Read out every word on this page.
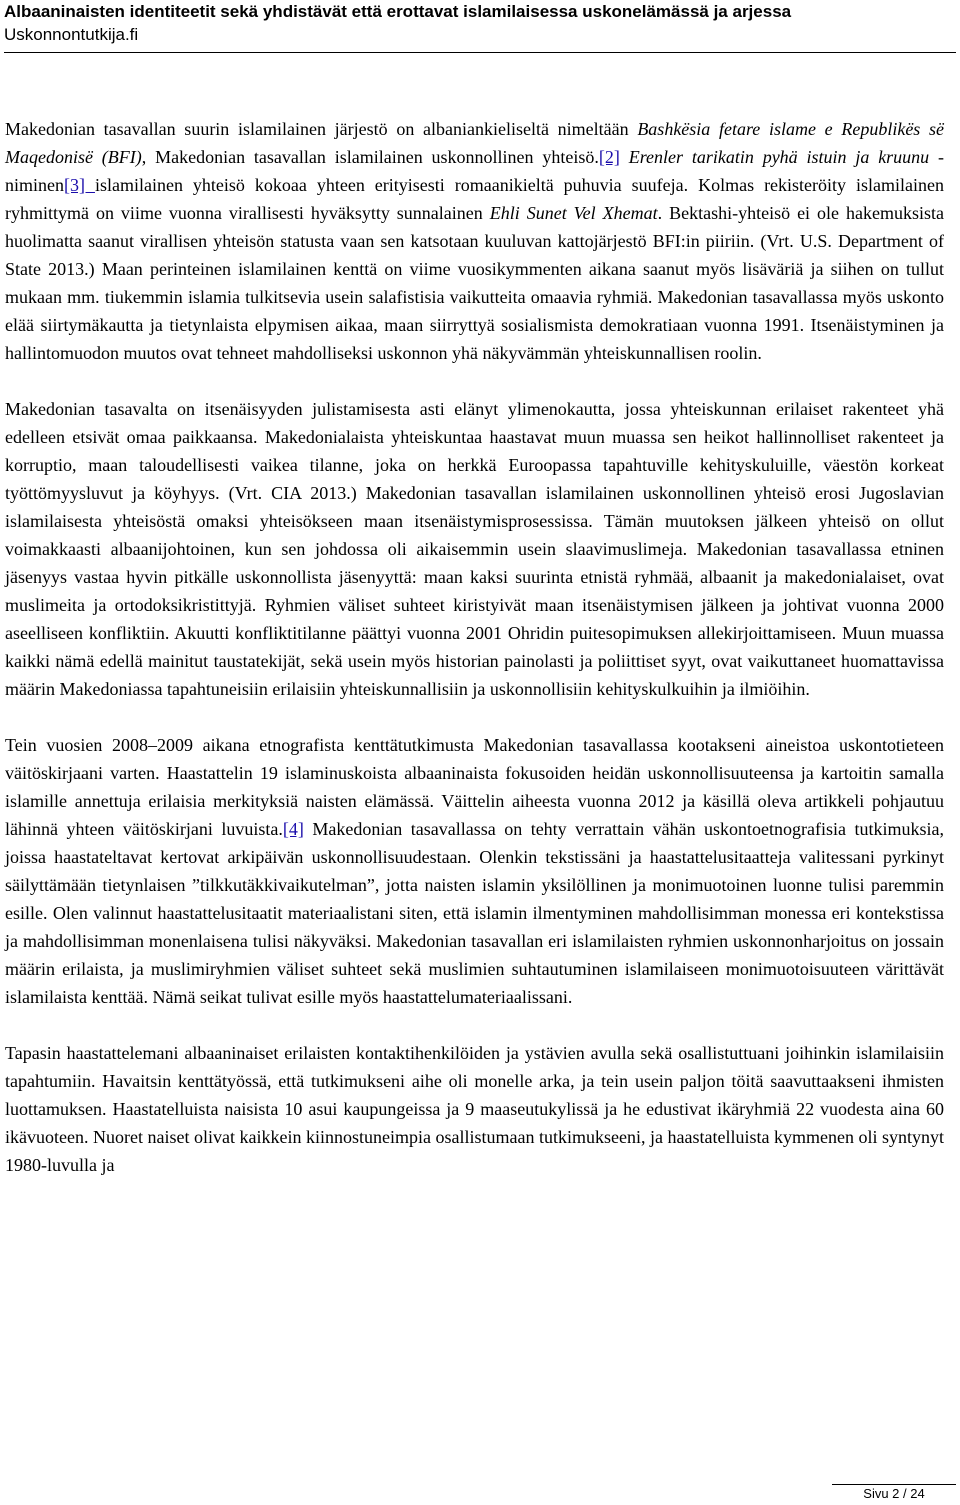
Albaaninaisten identiteetit sekä yhdistävät että erottavat islamilaisessa uskonelämässä ja arjessa
Uskonnontutkija.fi

Makedonian tasavallan suurin islamilainen järjestö on albaniankieliseltä nimeltään Bashkësia fetare islame e Republikës së Maqedonisë (BFI), Makedonian tasavallan islamilainen uskonnollinen yhteisö.[2] Erenler tarikatin pyhä istuin ja kruunu -niminen[3] islamilainen yhteisö kokoaa yhteen erityisesti romaanikieltä puhuvia suufeja. Kolmas rekisteröity islamilainen ryhmittymä on viime vuonna virallisesti hyväksytty sunnalainen Ehli Sunet Vel Xhemat. Bektashi-yhteisö ei ole hakemuksista huolimatta saanut virallisen yhteisön statusta vaan sen katsotaan kuuluvan kattojärjestö BFI:in piiriin. (Vrt. U.S. Department of State 2013.) Maan perinteinen islamilainen kenttä on viime vuosikymmenten aikana saanut myös lisäväriä ja siihen on tullut mukaan mm. tiukemmin islamia tulkitsevia usein salafistisia vaikutteita omaavia ryhmiä. Makedonian tasavallassa myös uskonto elää siirtymäkautta ja tietynlaista elpymisen aikaa, maan siirryttyä sosialismista demokratiaan vuonna 1991. Itsenäistyminen ja hallintomuodon muutos ovat tehneet mahdolliseksi uskonnon yhä näkyvämmän yhteiskunnallisen roolin.

Makedonian tasavalta on itsenäisyyden julistamisesta asti elänyt ylimenokautta, jossa yhteiskunnan erilaiset rakenteet yhä edelleen etsivät omaa paikkaansa. Makedonialaista yhteiskuntaa haastavat muun muassa sen heikot hallinnolliset rakenteet ja korruptio, maan taloudellisesti vaikea tilanne, joka on herkkä Euroopassa tapahtuville kehityskuluille, väestön korkeat työttömyysluvut ja köyhyys. (Vrt. CIA 2013.) Makedonian tasavallan islamilainen uskonnollinen yhteisö erosi Jugoslavian islamilaisesta yhteisöstä omaksi yhteisökseen maan itsenäistymisprosessissa. Tämän muutoksen jälkeen yhteisö on ollut voimakkaasti albaanijohtoinen, kun sen johdossa oli aikaisemmin usein slaavimuslimeja. Makedonian tasavallassa etninen jäsenyys vastaa hyvin pitkälle uskonnollista jäsenyyttä: maan kaksi suurinta etnistä ryhmää, albaanit ja makedonialaiset, ovat muslimeita ja ortodoksikristittyjä. Ryhmien väliset suhteet kiristyivät maan itsenäistymisen jälkeen ja johtivat vuonna 2000 aseelliseen konfliktiin. Akuutti konfliktitilanne päättyi vuonna 2001 Ohridin puitesopimuksen allekirjoittamiseen. Muun muassa kaikki nämä edellä mainitut taustatekijät, sekä usein myös historian painolasti ja poliittiset syyt, ovat vaikuttaneet huomattavissa määrin Makedoniassa tapahtuneisiin erilaisiin yhteiskunnallisiin ja uskonnollisiin kehityskulkuihin ja ilmiöihin.

Tein vuosien 2008–2009 aikana etnografista kenttätutkimusta Makedonian tasavallassa kootakseni aineistoa uskontotieteen väitöskirjaani varten. Haastattelin 19 islaminuskoista albaaninaista fokusoiden heidän uskonnollisuuteensa ja kartoitin samalla islamille annettuja erilaisia merkityksiä naisten elämässä. Väittelin aiheesta vuonna 2012 ja käsillä oleva artikkeli pohjautuu lähinnä yhteen väitöskirjani luvuista.[4] Makedonian tasavallassa on tehty verrattain vähän uskontoetnografisia tutkimuksia, joissa haastateltavat kertovat arkipäivän uskonnollisuudestaan. Olenkin tekstissäni ja haastattelusitaatteja valitessani pyrkinyt säilyttämään tietynlaisen ”tilkkutäkkivaikutelman”, jotta naisten islamin yksilöllinen ja monimuotoinen luonne tulisi paremmin esille. Olen valinnut haastattelusitaatit materiaalistani siten, että islamin ilmentyminen mahdollisimman monessa eri kontekstissa ja mahdollisimman monenlaisena tulisi näkyväksi. Makedonian tasavallan eri islamilaisten ryhmien uskonnonharjoitus on jossain määrin erilaista, ja muslimiryhmien väliset suhteet sekä muslimien suhtautuminen islamilaiseen monimuotoisuuteen värittävät islamilaista kenttää. Nämä seikat tulivat esille myös haastattelumateriaalissani.

Tapasin haastattelemani albaaninaiset erilaisten kontaktihenkilöiden ja ystävien avulla sekä osallistuttuani joihinkin islamilaisiin tapahtumiin. Havaitsin kenttätyössä, että tutkimukseni aihe oli monelle arka, ja tein usein paljon töitä saavuttaakseni ihmisten luottamuksen. Haastatelluista naisista 10 asui kaupungeissa ja 9 maaseutukylissä ja he edustivat ikäryhmiä 22 vuodesta aina 60 ikävuoteen. Nuoret naiset olivat kaikkein kiinnostuneimpia osallistumaan tutkimukseeni, ja haastatelluista kymmenen oli syntynyt 1980-luvulla ja

Sivu 2 / 24
